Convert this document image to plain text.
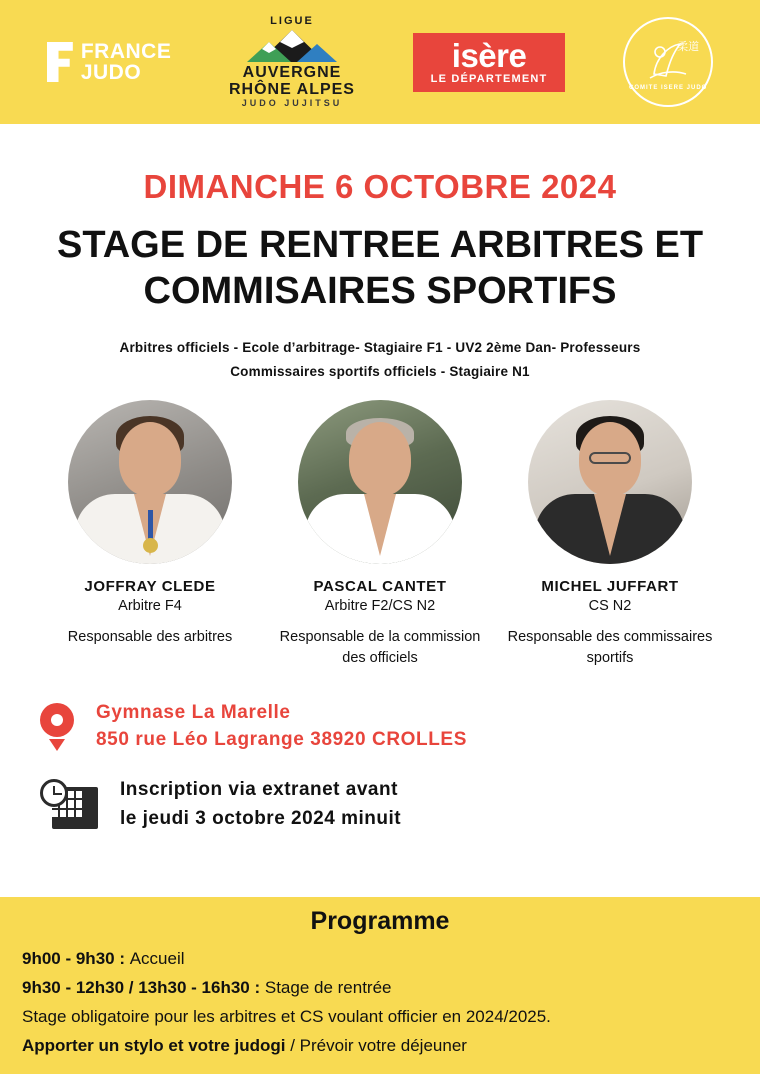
FRANCE
JUDO
LIGUE
AUVERGNE
RHÔNE ALPES
JUDO JUJITSU
isère
LE DÉPARTEMENT
柔道
COMITE ISERE JUDO
DIMANCHE 6 OCTOBRE 2024
STAGE DE RENTREE ARBITRES ET
COMMISAIRES SPORTIFS
Arbitres officiels - Ecole d’arbitrage- Stagiaire F1 - UV2 2ème Dan- Professeurs
Commissaires sportifs officiels - Stagiaire N1
JOFFRAY CLEDE
Arbitre F4
Responsable des arbitres
PASCAL CANTET
Arbitre F2/CS N2
Responsable de la commission des officiels
MICHEL JUFFART
CS N2
Responsable des commissaires sportifs
Gymnase La Marelle
850 rue Léo Lagrange 38920 CROLLES
Inscription via extranet avant
le jeudi 3 octobre 2024 minuit
Programme
9h00 - 9h30 : Accueil
9h30 - 12h30 / 13h30 - 16h30 : Stage de rentrée
Stage obligatoire pour les arbitres et CS voulant officier en 2024/2025.
Apporter un stylo et votre judogi / Prévoir votre déjeuner
